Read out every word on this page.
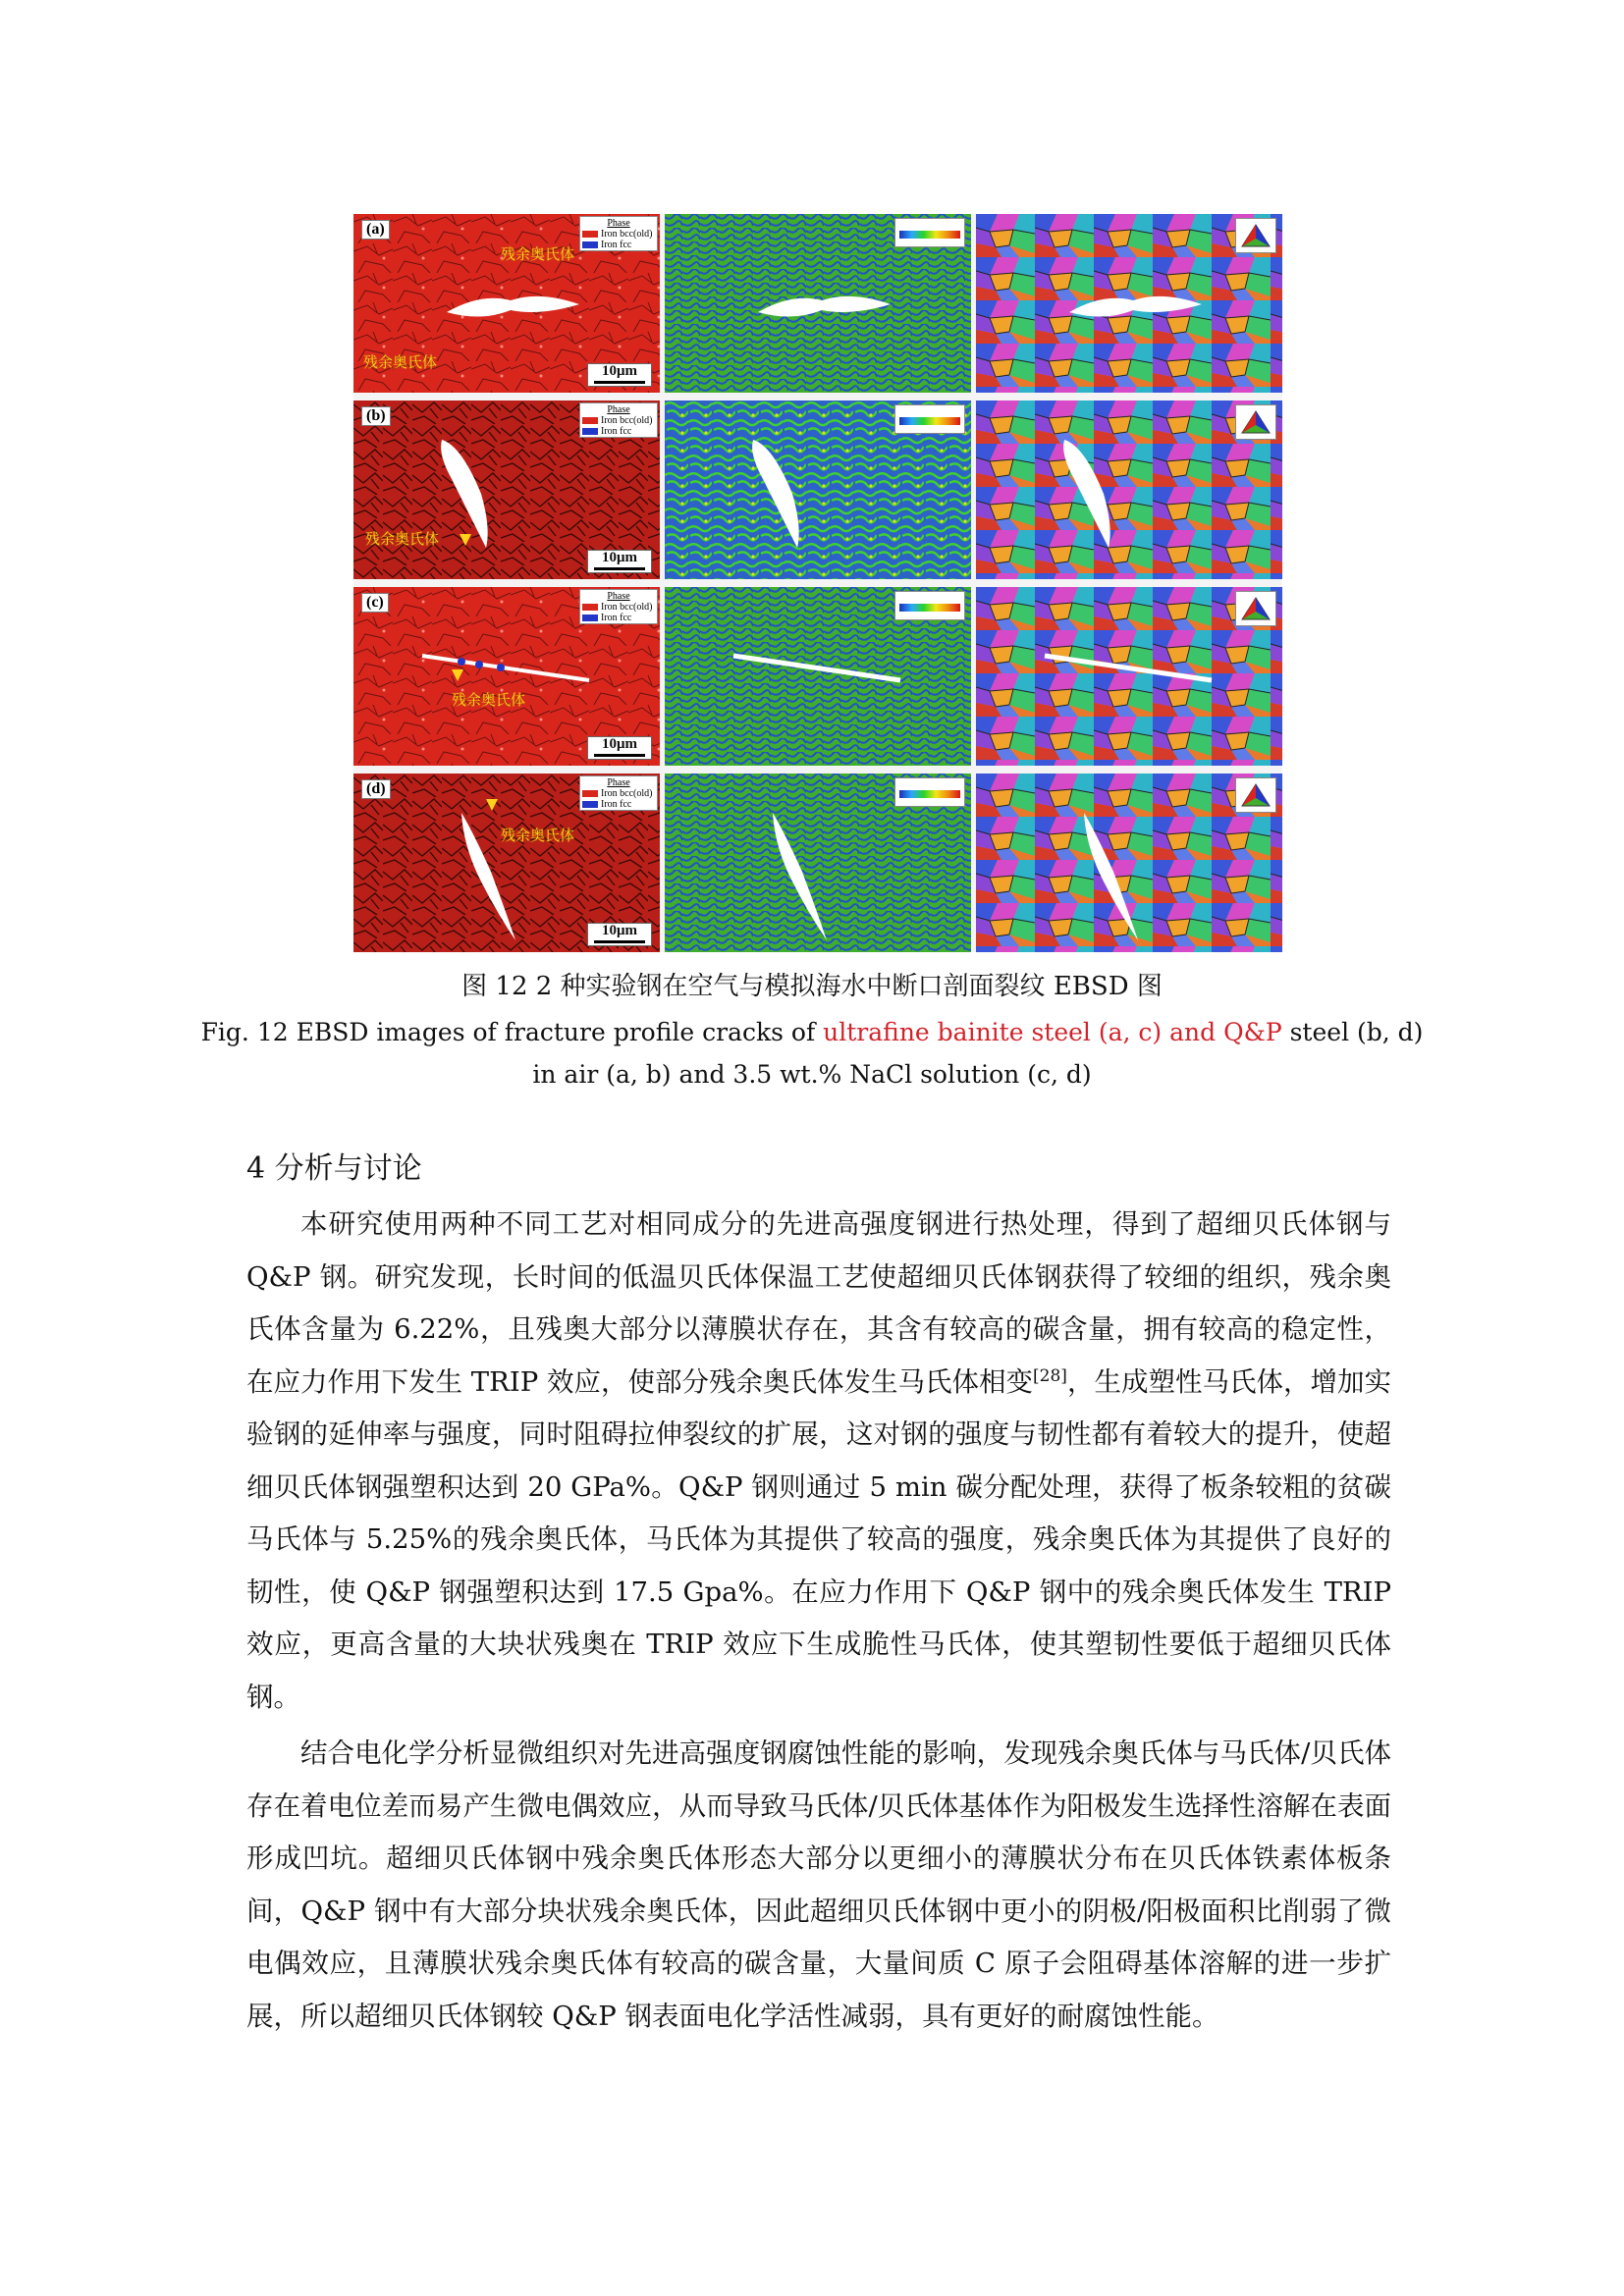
(a)	Phase
Iron bcc(old)
Iron fcc
残余奥氏体
残余奥氏体	10μm
(b)	Phase
Iron bcc(old)
Iron fcc
残余奥氏体
10μm
(c)	Phase
Iron bcc(old)
Iron fcc
残余奥氏体
10μm
(d)	Phase
Iron bcc(old)
Iron fcc
残余奥氏体
10μm
图 12 2 种实验钢在空气与模拟海水中断口剖面裂纹 EBSD 图
Fig. 12 EBSD images of fracture profile cracks of ultrafine bainite steel (a, c) and Q&P steel (b, d)
in air (a, b) and 3.5 wt.% NaCl solution (c, d)
4 分析与讨论
本研究使用两种不同工艺对相同成分的先进高强度钢进行热处理，得到了超细贝氏体钢与 Q&P 钢。研究发现，长时间的低温贝氏体保温工艺使超细贝氏体钢获得了较细的组织，残余奥氏体含量为 6.22%，且残奥大部分以薄膜状存在，其含有较高的碳含量，拥有较高的稳定性，在应力作用下发生 TRIP 效应，使部分残余奥氏体发生马氏体相变[28]，生成塑性马氏体，增加实验钢的延伸率与强度，同时阻碍拉伸裂纹的扩展，这对钢的强度与韧性都有着较大的提升，使超细贝氏体钢强塑积达到 20 GPa%。Q&P 钢则通过 5 min 碳分配处理，获得了板条较粗的贫碳马氏体与 5.25%的残余奥氏体，马氏体为其提供了较高的强度，残余奥氏体为其提供了良好的韧性，使 Q&P 钢强塑积达到 17.5 Gpa%。在应力作用下 Q&P 钢中的残余奥氏体发生 TRIP 效应，更高含量的大块状残奥在 TRIP 效应下生成脆性马氏体，使其塑韧性要低于超细贝氏体钢。
结合电化学分析显微组织对先进高强度钢腐蚀性能的影响，发现残余奥氏体与马氏体/贝氏体存在着电位差而易产生微电偶效应，从而导致马氏体/贝氏体基体作为阳极发生选择性溶解在表面形成凹坑。超细贝氏体钢中残余奥氏体形态大部分以更细小的薄膜状分布在贝氏体铁素体板条间，Q&P 钢中有大部分块状残余奥氏体，因此超细贝氏体钢中更小的阴极/阳极面积比削弱了微电偶效应，且薄膜状残余奥氏体有较高的碳含量，大量间质 C 原子会阻碍基体溶解的进一步扩展，所以超细贝氏体钢较 Q&P 钢表面电化学活性减弱，具有更好的耐腐蚀性能。
